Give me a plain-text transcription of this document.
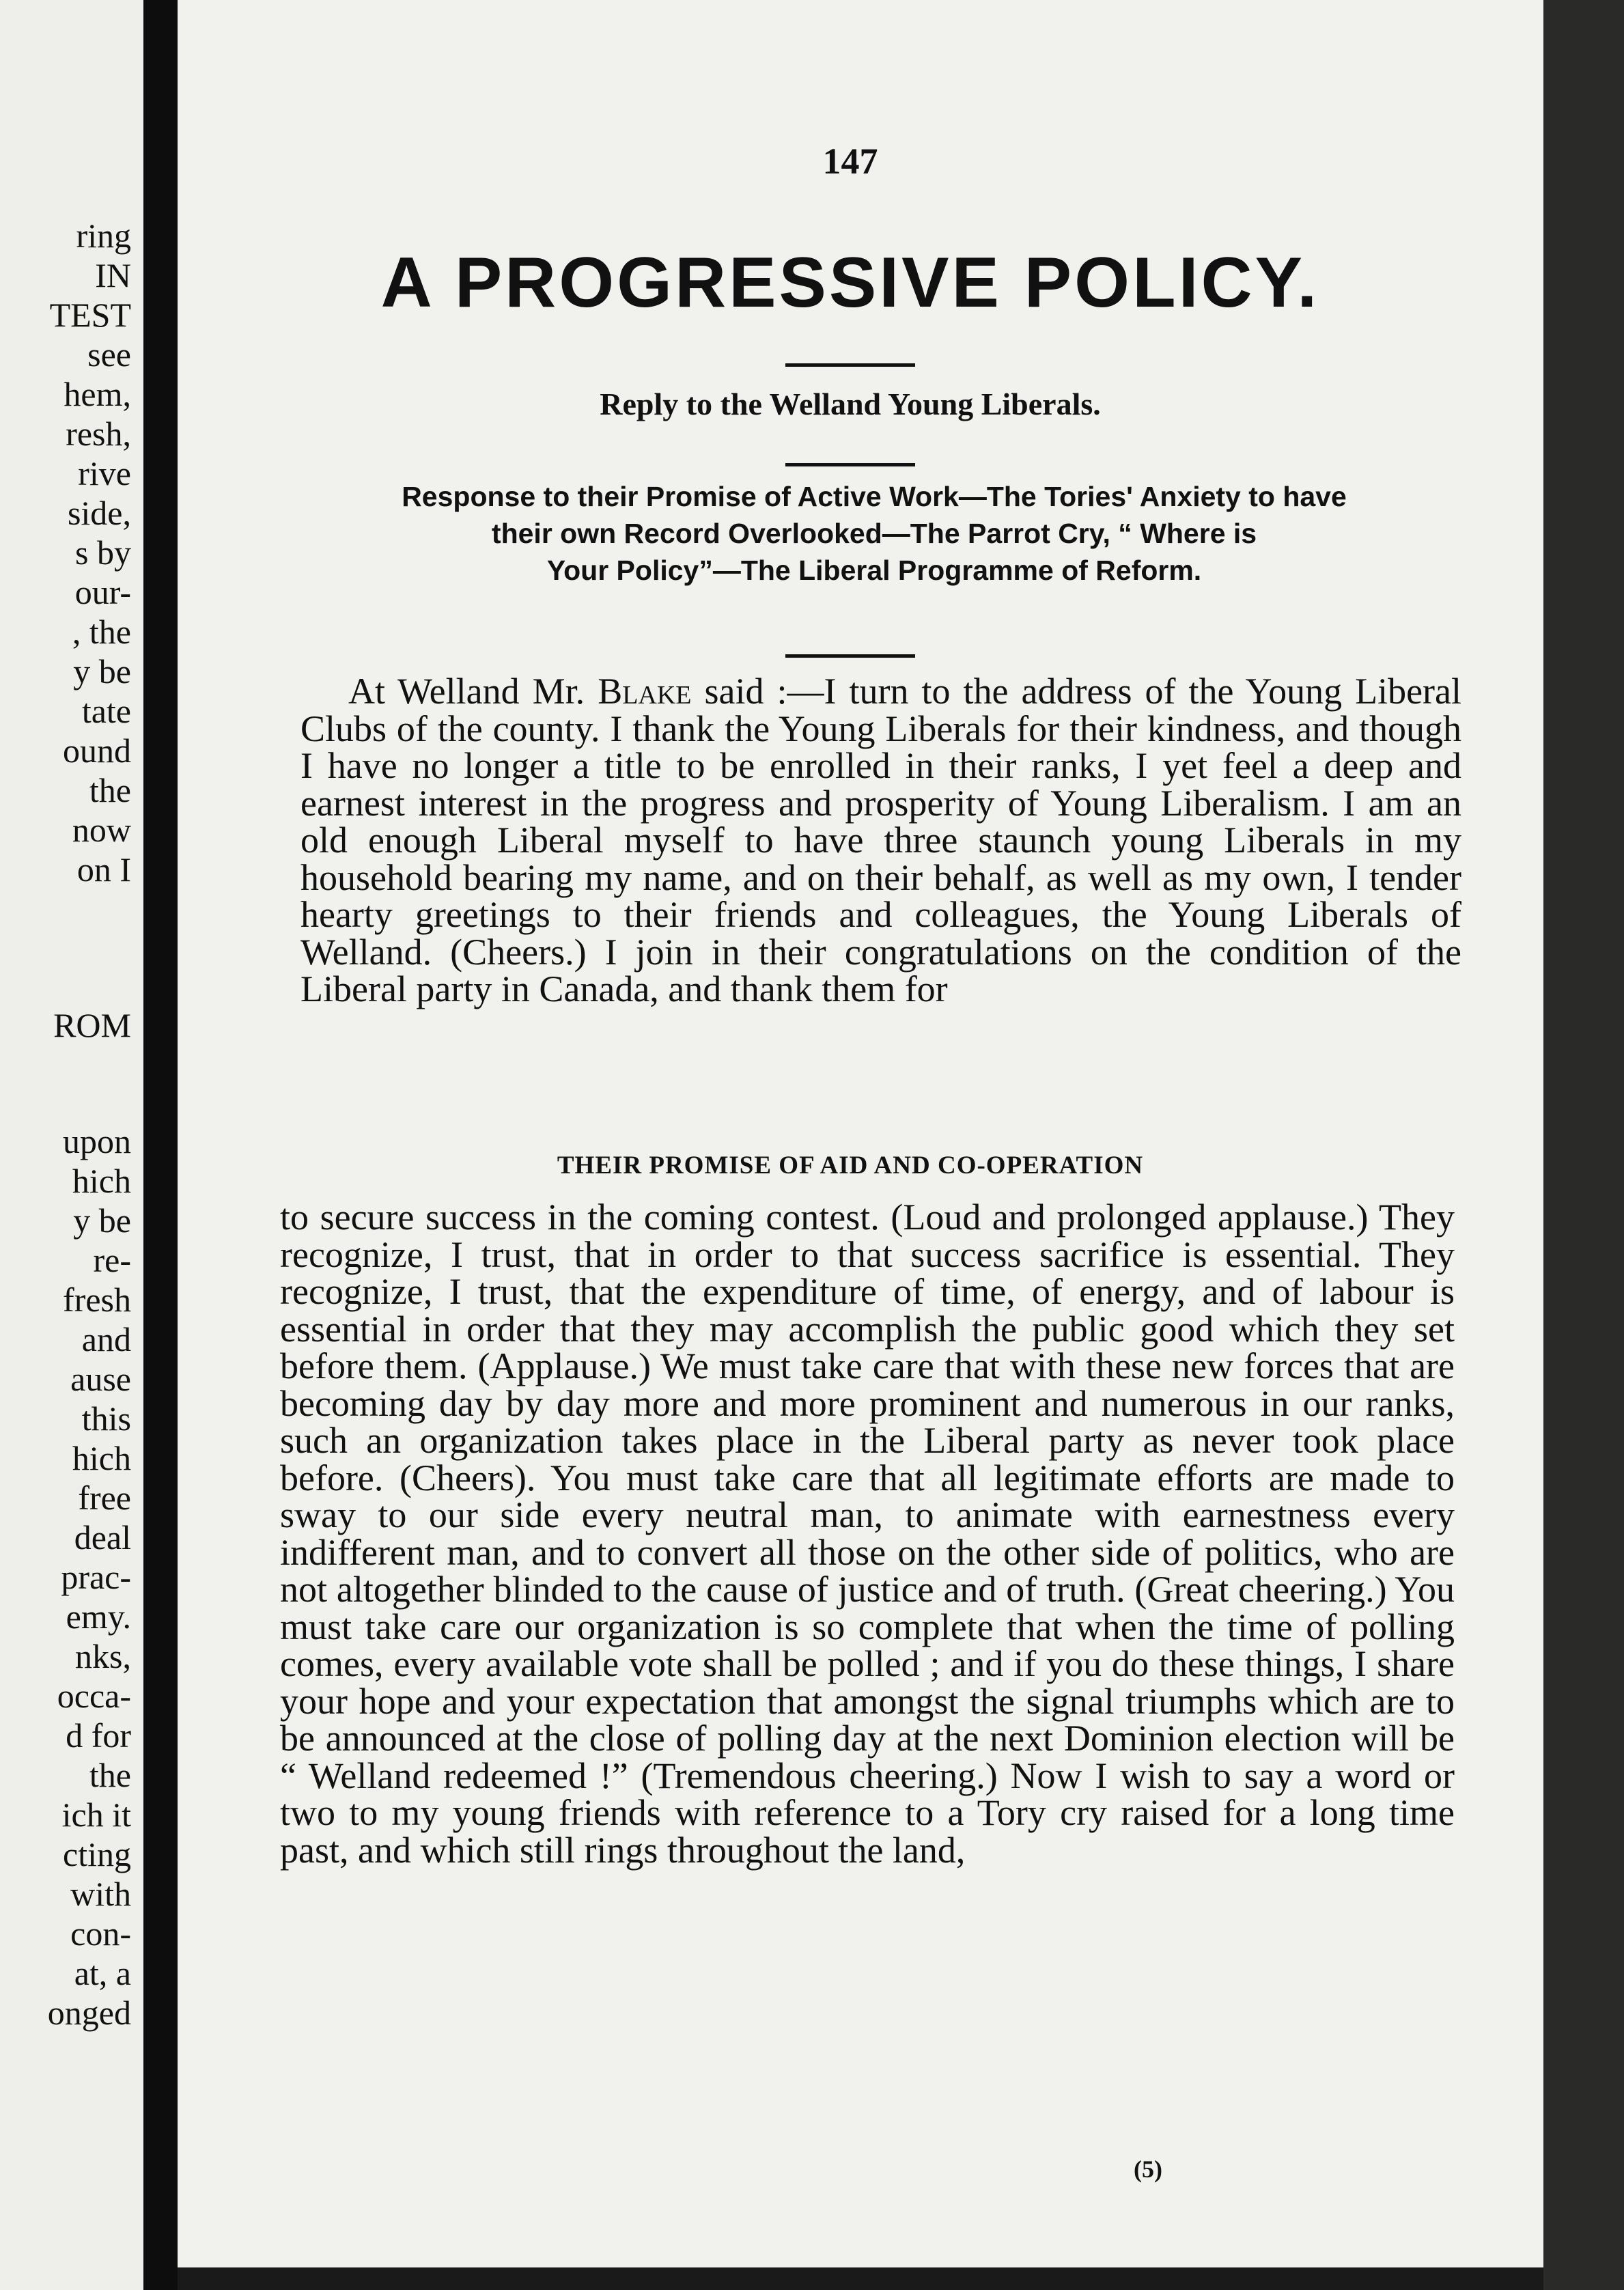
ring
IN
TEST
see
hem,
resh,
rive
side,
s by
our-
, the
y be
tate
ound
the
now
on I
ROM
upon
hich
y be
re-
fresh
and
ause
this
hich
free
deal
prac-
emy.
nks,
occa-
d for
the
ich it
cting
with
con-
at, a
onged
147
A PROGRESSIVE POLICY.
Reply to the Welland Young Liberals.
Response to their Promise of Active Work—The Tories' Anxiety to have
their own Record Overlooked—The Parrot Cry, “ Where is
Your Policy”—The Liberal Programme of Reform.

At Welland Mr. Blake said :—I turn to the address of the Young Liberal Clubs of the county. I thank the Young Liberals for their kindness, and though I have no longer a title to be enrolled in their ranks, I yet feel a deep and earnest interest in the progress and prosperity of Young Liberalism. I am an old enough Liberal myself to have three staunch young Liberals in my household bearing my name, and on their behalf, as well as my own, I tender hearty greetings to their friends and colleagues, the Young Liberals of Welland. (Cheers.) I join in their congratulations on the condition of the Liberal party in Canada, and thank them for

THEIR PROMISE OF AID AND CO-OPERATION

to secure success in the coming contest. (Loud and prolonged applause.) They recognize, I trust, that in order to that success sacrifice is essential. They recognize, I trust, that the expenditure of time, of energy, and of labour is essential in order that they may accomplish the public good which they set before them. (Applause.) We must take care that with these new forces that are becoming day by day more and more prominent and numerous in our ranks, such an organization takes place in the Liberal party as never took place before. (Cheers). You must take care that all legitimate efforts are made to sway to our side every neutral man, to animate with earnestness every indifferent man, and to convert all those on the other side of politics, who are not altogether blinded to the cause of justice and of truth. (Great cheering.) You must take care our organization is so complete that when the time of polling comes, every available vote shall be polled ; and if you do these things, I share your hope and your expectation that amongst the signal triumphs which are to be announced at the close of polling day at the next Dominion election will be “ Welland redeemed !” (Tremendous cheering.) Now I wish to say a word or two to my young friends with reference to a Tory cry raised for a long time past, and which still rings throughout the land,

(5)
